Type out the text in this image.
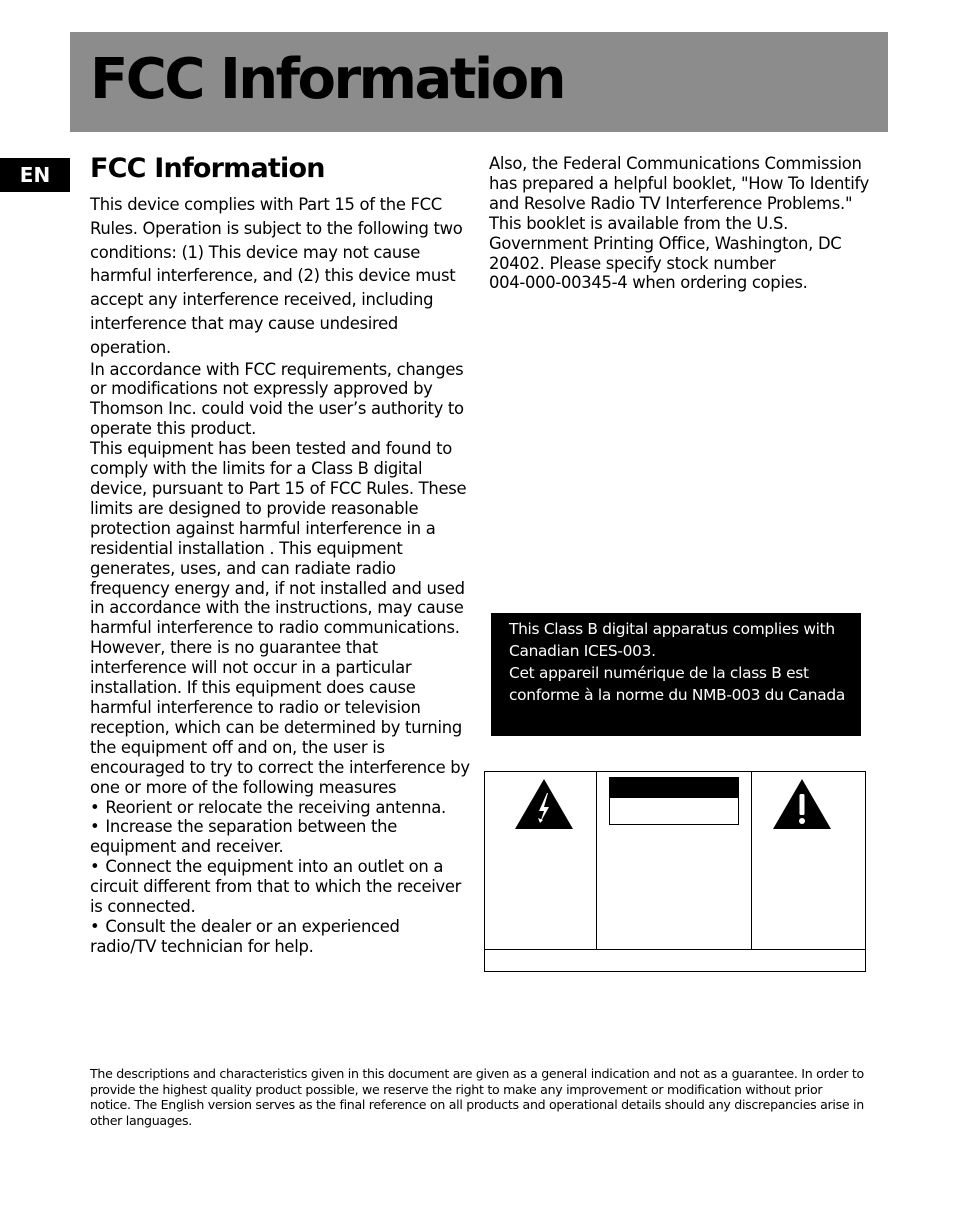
FCC Information
EN	FCC Information

This device complies with Part 15 of the FCC Rules. Operation is subject to the following two conditions: (1) This device may not cause harmful interference, and (2) this device must accept any interference received, including interference that may cause undesired operation.

In accordance with FCC requirements, changes or modifications not expressly approved by Thomson Inc. could void the user’s authority to operate this product.

This equipment has been tested and found to comply with the limits for a Class B digital device, pursuant to Part 15 of FCC Rules. These limits are designed to provide reasonable protection against harmful interference in a residential installation . This equipment generates, uses, and can radiate radio frequency energy and, if not installed and used in accordance with the instructions, may cause harmful interference to radio communications. However, there is no guarantee that interference will not occur in a particular installation. If this equipment does cause harmful interference to radio or television reception, which can be determined by turning the equipment off and on, the user is encouraged to try to correct the interference by one or more of the following measures

• Reorient or relocate the receiving antenna.
• Increase the separation between the equipment and receiver.
• Connect the equipment into an outlet on a circuit different from that to which the receiver is connected.
• Consult the dealer or an experienced radio/TV technician for help.

Also, the Federal Communications Commission has prepared a helpful booklet, "How To Identify and Resolve Radio TV Interference Problems." This booklet is available from the U.S. Government Printing Office, Washington, DC 20402. Please specify stock number

004-000-00345-4 when ordering copies.

This Class B digital apparatus complies with Canadian ICES-003.

Cet appareil numérique de la class B est conforme à la norme du NMB-003 du Canada

The descriptions and characteristics given in this document are given as a general indication and not as a guarantee. In order to provide the highest quality product possible, we reserve the right to make any improvement or modification without prior notice. The English version serves as the final reference on all products and operational details should any discrepancies arise in other languages.
